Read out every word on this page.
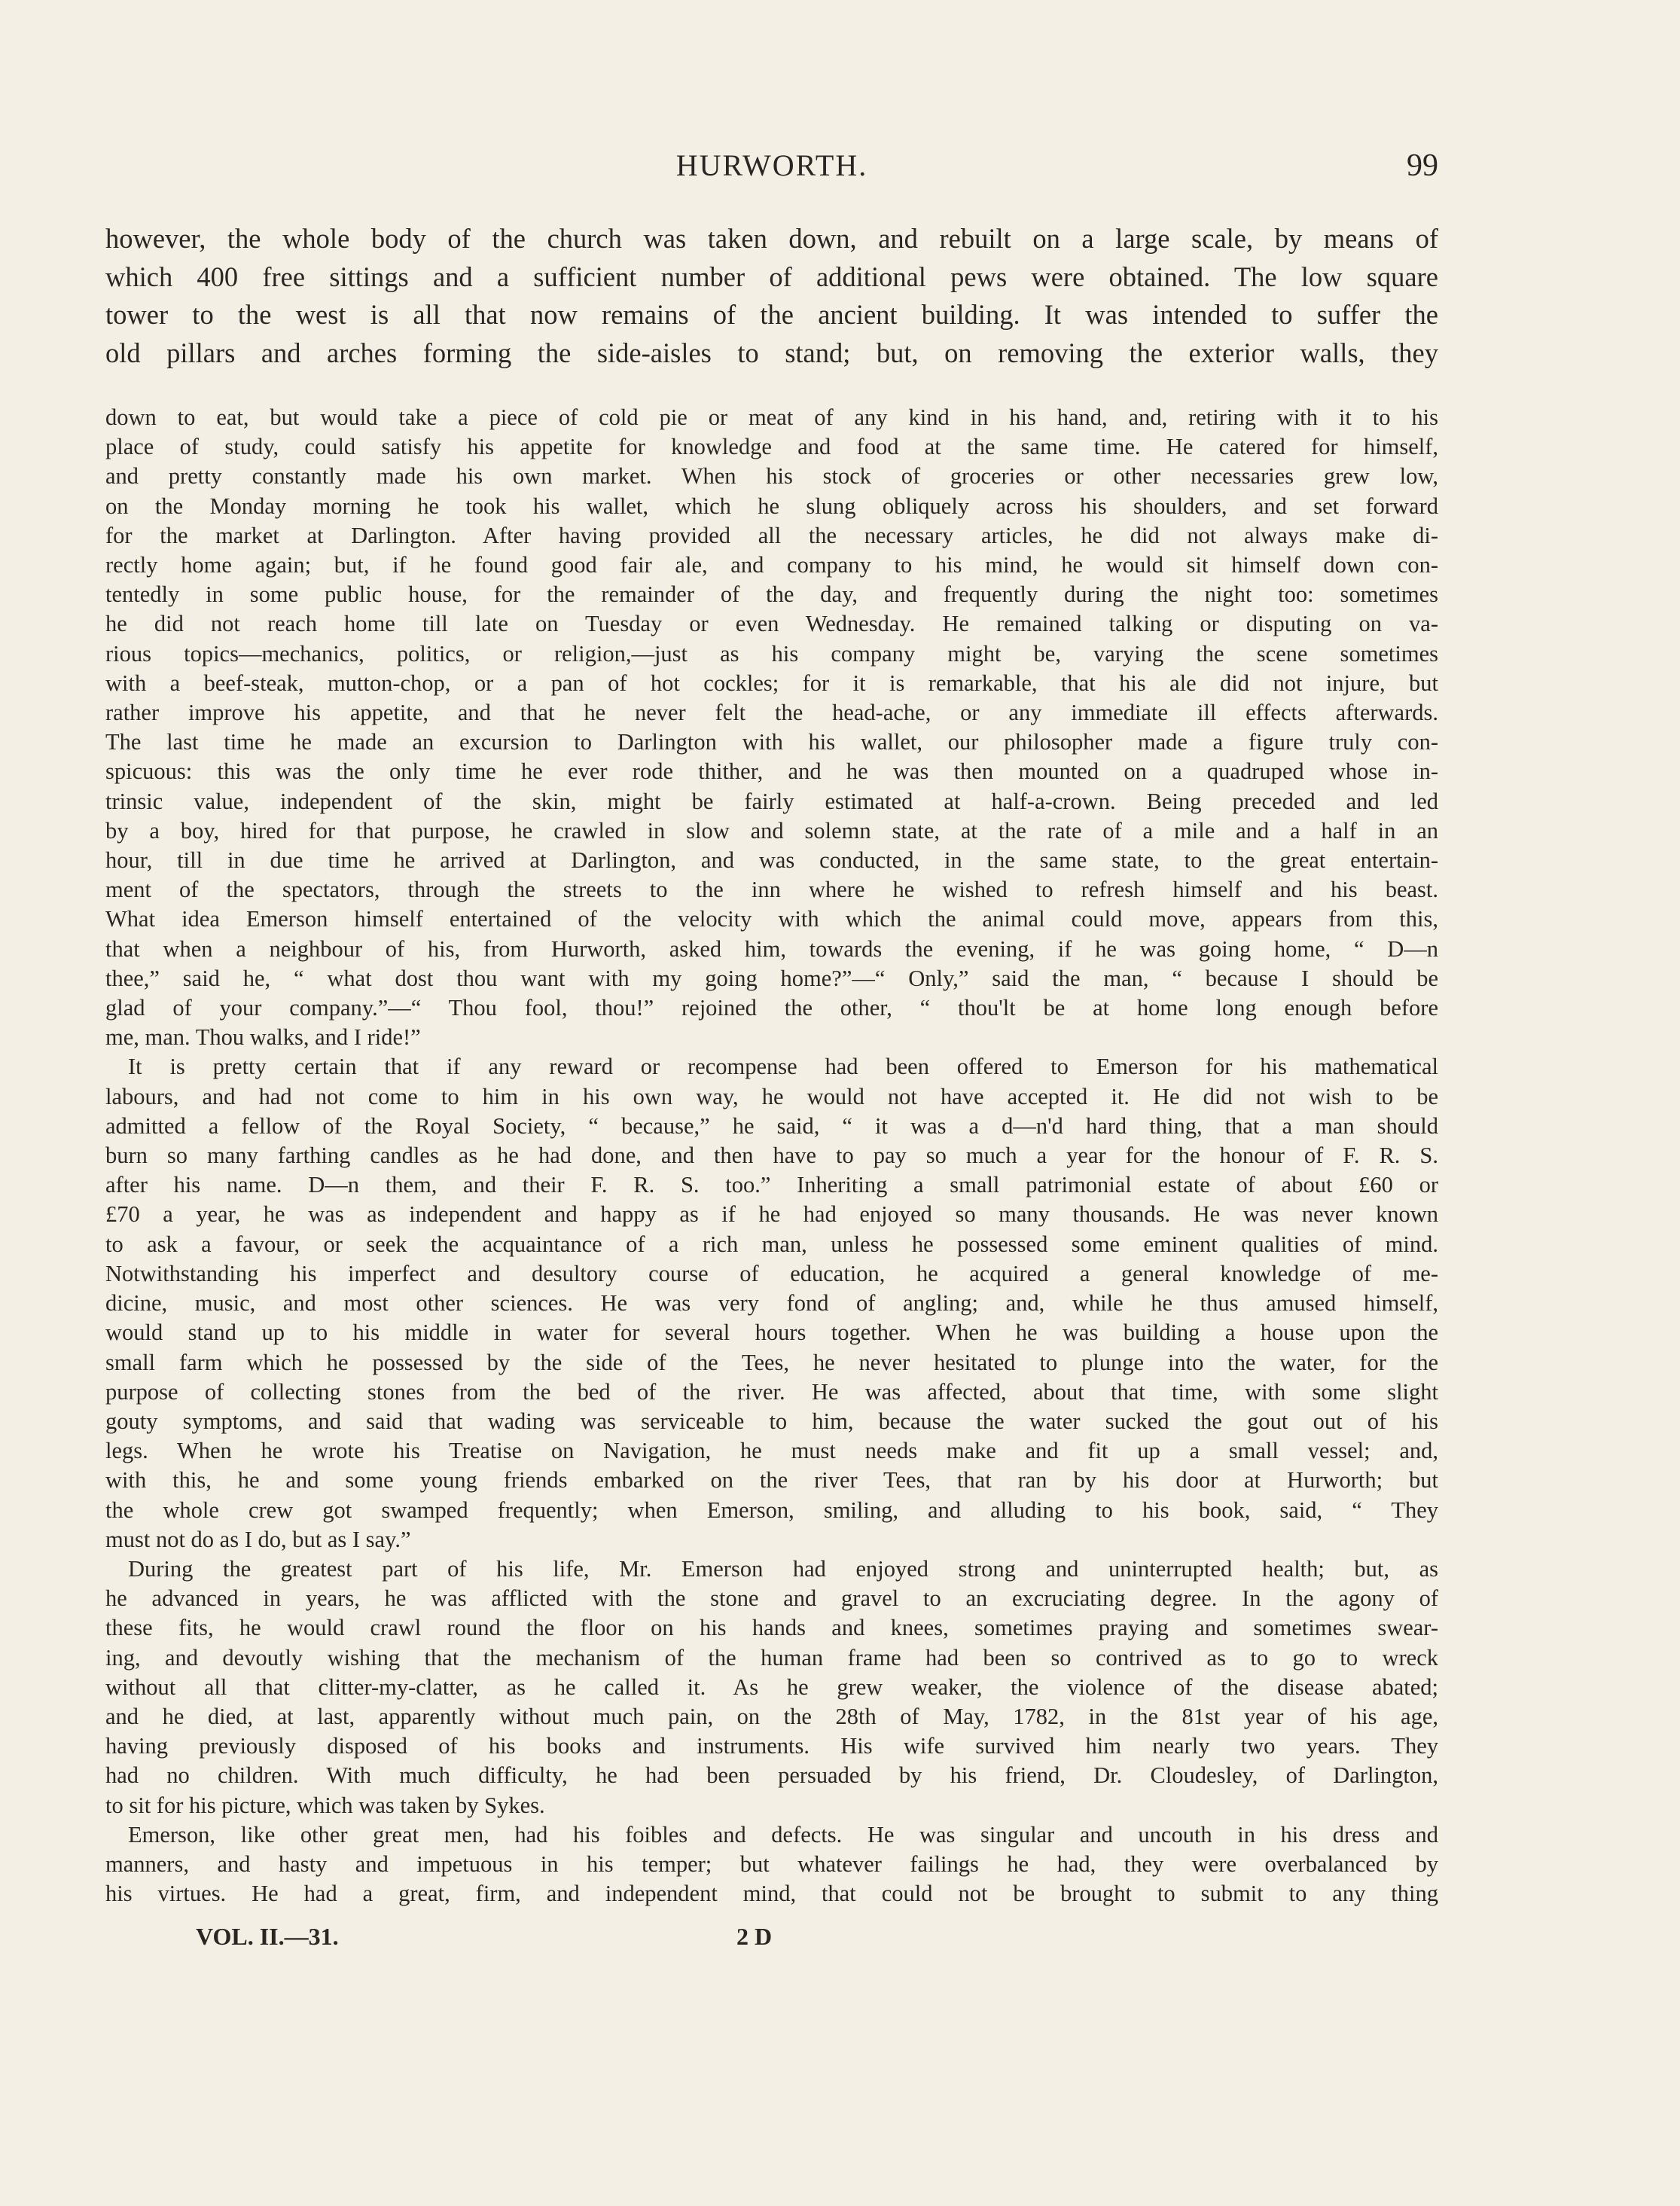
HURWORTH.	99

however, the whole body of the church was taken down, and rebuilt on a large scale, by means of
which 400 free sittings and a sufficient number of additional pews were obtained. The low square
tower to the west is all that now remains of the ancient building. It was intended to suffer the
old pillars and arches forming the side-aisles to stand; but, on removing the exterior walls, they

down to eat, but would take a piece of cold pie or meat of any kind in his hand, and, retiring with it to his
place of study, could satisfy his appetite for knowledge and food at the same time. He catered for himself,
and pretty constantly made his own market. When his stock of groceries or other necessaries grew low,
on the Monday morning he took his wallet, which he slung obliquely across his shoulders, and set forward
for the market at Darlington. After having provided all the necessary articles, he did not always make di-
rectly home again; but, if he found good fair ale, and company to his mind, he would sit himself down con-
tentedly in some public house, for the remainder of the day, and frequently during the night too: sometimes
he did not reach home till late on Tuesday or even Wednesday. He remained talking or disputing on va-
rious topics—mechanics, politics, or religion,—just as his company might be, varying the scene sometimes
with a beef-steak, mutton-chop, or a pan of hot cockles; for it is remarkable, that his ale did not injure, but
rather improve his appetite, and that he never felt the head-ache, or any immediate ill effects afterwards.
The last time he made an excursion to Darlington with his wallet, our philosopher made a figure truly con-
spicuous: this was the only time he ever rode thither, and he was then mounted on a quadruped whose in-
trinsic value, independent of the skin, might be fairly estimated at half-a-crown. Being preceded and led
by a boy, hired for that purpose, he crawled in slow and solemn state, at the rate of a mile and a half in an
hour, till in due time he arrived at Darlington, and was conducted, in the same state, to the great entertain-
ment of the spectators, through the streets to the inn where he wished to refresh himself and his beast.
What idea Emerson himself entertained of the velocity with which the animal could move, appears from this,
that when a neighbour of his, from Hurworth, asked him, towards the evening, if he was going home, “ D—n
thee,” said he, “ what dost thou want with my going home?”—“ Only,” said the man, “ because I should be
glad of your company.”—“ Thou fool, thou!” rejoined the other, “ thou'lt be at home long enough before
me, man. Thou walks, and I ride!”

It is pretty certain that if any reward or recompense had been offered to Emerson for his mathematical
labours, and had not come to him in his own way, he would not have accepted it. He did not wish to be
admitted a fellow of the Royal Society, “ because,” he said, “ it was a d—n'd hard thing, that a man should
burn so many farthing candles as he had done, and then have to pay so much a year for the honour of F. R. S.
after his name. D—n them, and their F. R. S. too.” Inheriting a small patrimonial estate of about £60 or
£70 a year, he was as independent and happy as if he had enjoyed so many thousands. He was never known
to ask a favour, or seek the acquaintance of a rich man, unless he possessed some eminent qualities of mind.
Notwithstanding his imperfect and desultory course of education, he acquired a general knowledge of me-
dicine, music, and most other sciences. He was very fond of angling; and, while he thus amused himself,
would stand up to his middle in water for several hours together. When he was building a house upon the
small farm which he possessed by the side of the Tees, he never hesitated to plunge into the water, for the
purpose of collecting stones from the bed of the river. He was affected, about that time, with some slight
gouty symptoms, and said that wading was serviceable to him, because the water sucked the gout out of his
legs. When he wrote his Treatise on Navigation, he must needs make and fit up a small vessel; and,
with this, he and some young friends embarked on the river Tees, that ran by his door at Hurworth; but
the whole crew got swamped frequently; when Emerson, smiling, and alluding to his book, said, “ They
must not do as I do, but as I say.”

During the greatest part of his life, Mr. Emerson had enjoyed strong and uninterrupted health; but, as
he advanced in years, he was afflicted with the stone and gravel to an excruciating degree. In the agony of
these fits, he would crawl round the floor on his hands and knees, sometimes praying and sometimes swear-
ing, and devoutly wishing that the mechanism of the human frame had been so contrived as to go to wreck
without all that clitter-my-clatter, as he called it. As he grew weaker, the violence of the disease abated;
and he died, at last, apparently without much pain, on the 28th of May, 1782, in the 81st year of his age,
having previously disposed of his books and instruments. His wife survived him nearly two years. They
had no children. With much difficulty, he had been persuaded by his friend, Dr. Cloudesley, of Darlington,
to sit for his picture, which was taken by Sykes.

Emerson, like other great men, had his foibles and defects. He was singular and uncouth in his dress and
manners, and hasty and impetuous in his temper; but whatever failings he had, they were overbalanced by
his virtues. He had a great, firm, and independent mind, that could not be brought to submit to any thing

VOL. II.—31.	2 D
